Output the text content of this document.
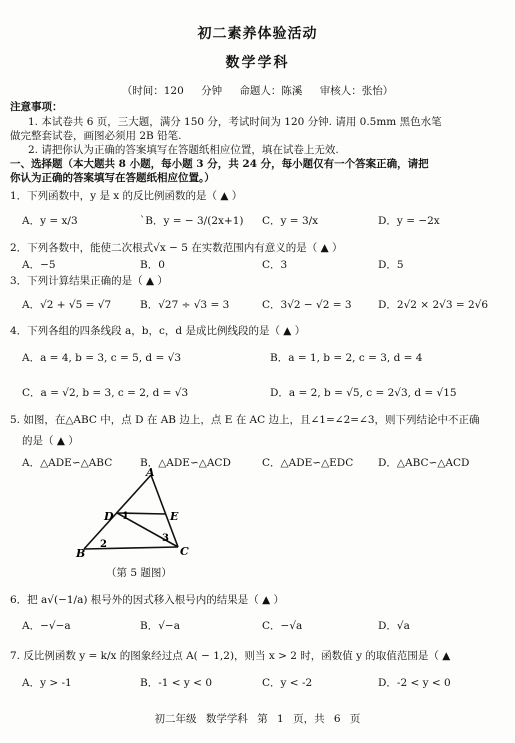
初二素养体验活动
数学学科
（时间：120 分钟 命题人：陈溪 审核人：张怡）
注意事项：
1. 本试卷共 6 页，三大题，满分 150 分，考试时间为 120 分钟. 请用 0.5mm 黑色水笔
做完整套试卷，画图必须用 2B 铅笔.
2. 请把你认为正确的答案填写在答题纸相应位置，填在试卷上无效.
一、选择题（本大题共 8 小题，每小题 3 分，共 24 分，每小题仅有一个答案正确，请把
你认为正确的答案填写在答题纸相应位置。）
1．下列函数中，y 是 x 的反比例函数的是（ ▲ ）
A．y = x/3	`B．y = − 3/(2x+1) C．y = 3/x	D．y = −2x
2．下列各数中，能使二次根式√x − 5 在实数范围内有意义的是（ ▲ ）
A．−5	B．0	C．3	D．5
3．下列计算结果正确的是（ ▲ ）
A．√2 + √5 = √7	B．√27 ÷ √3 = 3	C．3√2 − √2 = 3	D．2√2 × 2√3 = 2√6
4．下列各组的四条线段 a，b，c，d 是成比例线段的是（ ▲ ）
A．a = 4, b = 3, c = 5, d = √3	B．a = 1, b = 2, c = 3, d = 4
C．a = √2, b = 3, c = 2, d = √3	D．a = 2, b = √5, c = 2√3, d = √15
5. 如图，在△ABC 中，点 D 在 AB 边上，点 E 在 AC 边上，且∠1=∠2=∠3，则下列结论中不正确
的是（ ▲ ）
A．△ADE∽△ABC	B．△ADE∽△ACD	C．△ADE∽△EDC D．△ABC∽△ACD
A
D	E
B	C
1
2
3
（第 5 题图）
6．把 a√(−1/a) 根号外的因式移入根号内的结果是（ ▲ ）
A．−√−a	B．√−a	C．−√a	D．√a
7. 反比例函数 y = k/x 的图象经过点 A( − 1,2)，则当 x > 2 时，函数值 y 的取值范围是（ ▲
A．y > -1	B．-1 < y < 0	C．y < -2	D．-2 < y < 0
初二年级 数学学科 第 1 页，共 6 页
